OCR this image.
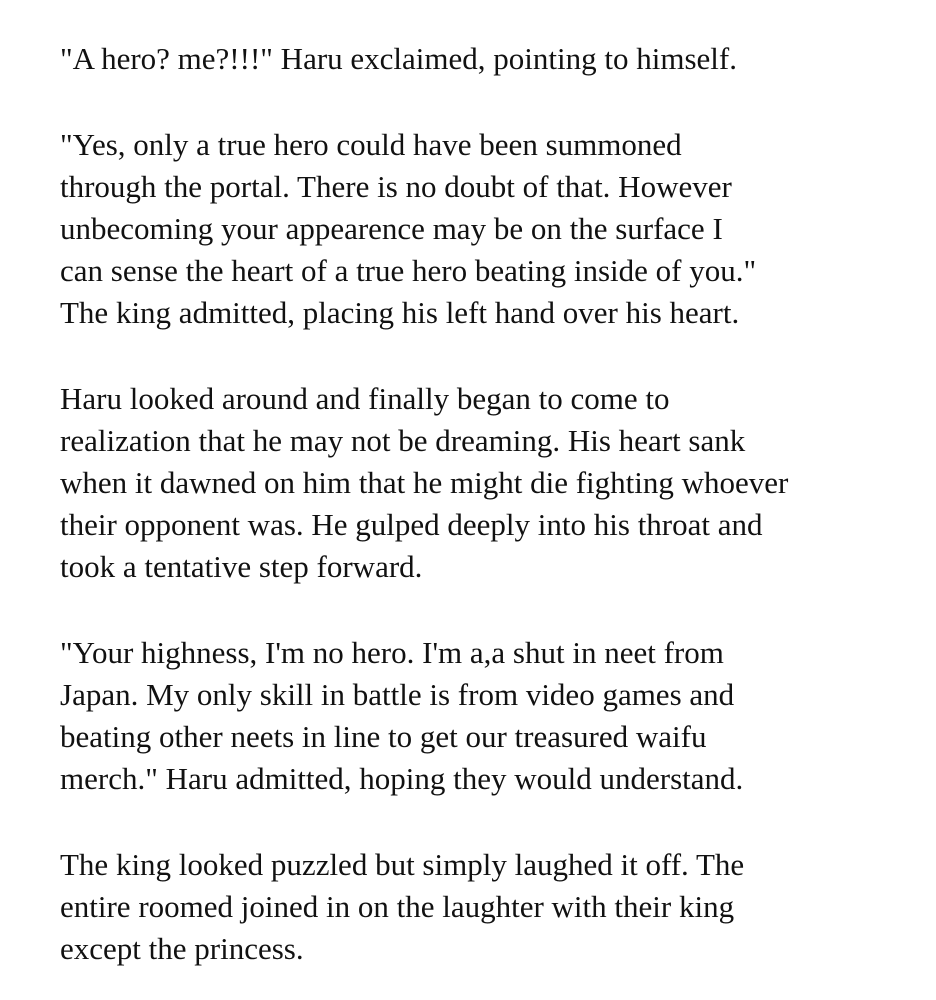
"A hero? me?!!!" Haru exclaimed, pointing to himself.

"Yes, only a true hero could have been summoned
through the portal. There is no doubt of that. However
unbecoming your appearence may be on the surface I
can sense the heart of a true hero beating inside of you."
The king admitted, placing his left hand over his heart.

Haru looked around and finally began to come to
realization that he may not be dreaming. His heart sank
when it dawned on him that he might die fighting whoever
their opponent was. He gulped deeply into his throat and
took a tentative step forward.

"Your highness, I'm no hero. I'm a,a shut in neet from
Japan. My only skill in battle is from video games and
beating other neets in line to get our treasured waifu
merch." Haru admitted, hoping they would understand.

The king looked puzzled but simply laughed it off. The
entire roomed joined in on the laughter with their king
except the princess.
